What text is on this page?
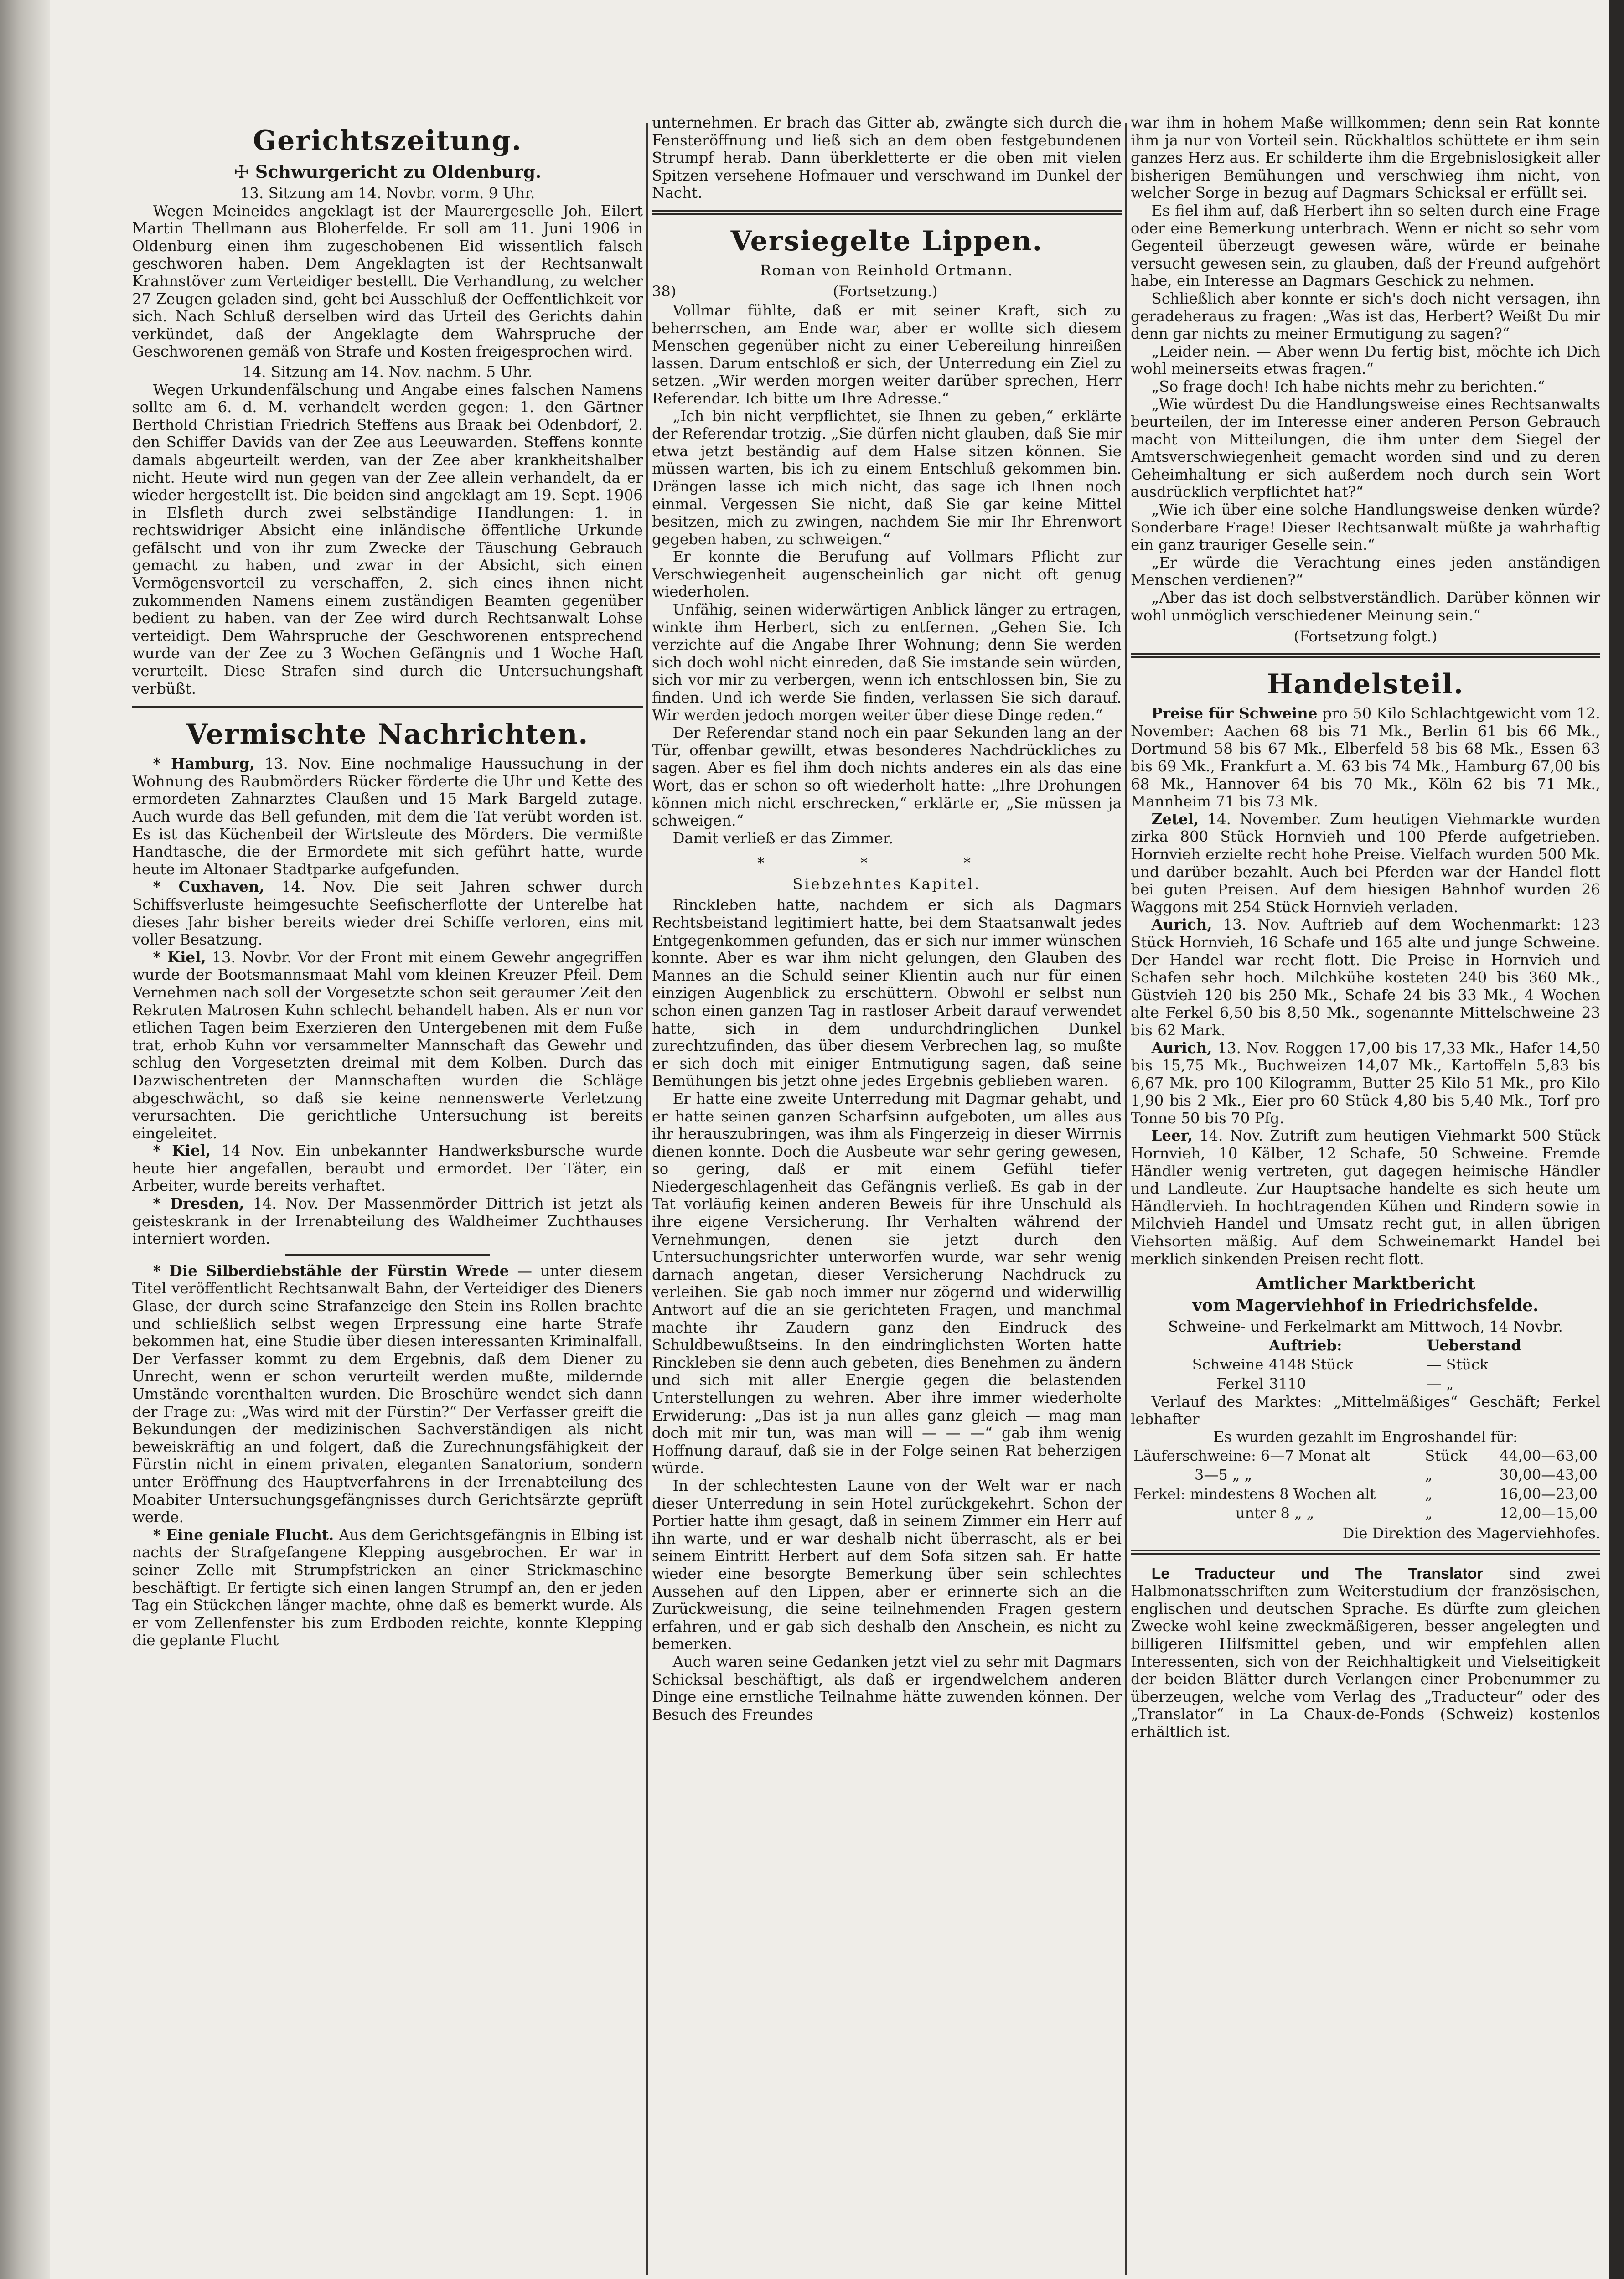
Gerichtszeitung.
☩ Schwurgericht zu Oldenburg.

13. Sitzung am 14. Novbr. vorm. 9 Uhr.

Wegen Meineides angeklagt ist der Maurergeselle Joh. Eilert Martin Thellmann aus Bloherfelde. Er soll am 11. Juni 1906 in Oldenburg einen ihm zugeschobenen Eid wissentlich falsch geschworen haben. Dem Angeklagten ist der Rechtsanwalt Krahnstöver zum Verteidiger bestellt. Die Verhandlung, zu welcher 27 Zeugen geladen sind, geht bei Ausschluß der Oeffentlichkeit vor sich. Nach Schluß derselben wird das Urteil des Gerichts dahin verkündet, daß der Angeklagte dem Wahrspruche der Geschworenen gemäß von Strafe und Kosten freigesprochen wird.

14. Sitzung am 14. Nov. nachm. 5 Uhr.

Wegen Urkundenfälschung und Angabe eines falschen Namens sollte am 6. d. M. verhandelt werden gegen: 1. den Gärtner Berthold Christian Friedrich Steffens aus Braak bei Odenbdorf, 2. den Schiffer Davids van der Zee aus Leeuwarden. Steffens konnte damals abgeurteilt werden, van der Zee aber krankheitshalber nicht. Heute wird nun gegen van der Zee allein verhandelt, da er wieder hergestellt ist. Die beiden sind angeklagt am 19. Sept. 1906 in Elsfleth durch zwei selbständige Handlungen: 1. in rechtswidriger Absicht eine inländische öffentliche Urkunde gefälscht und von ihr zum Zwecke der Täuschung Gebrauch gemacht zu haben, und zwar in der Absicht, sich einen Vermögensvorteil zu verschaffen, 2. sich eines ihnen nicht zukommenden Namens einem zuständigen Beamten gegenüber bedient zu haben. van der Zee wird durch Rechtsanwalt Lohse verteidigt. Dem Wahrspruche der Geschworenen entsprechend wurde van der Zee zu 3 Wochen Gefängnis und 1 Woche Haft verurteilt. Diese Strafen sind durch die Untersuchungshaft verbüßt.

Vermischte Nachrichten.

* Hamburg, 13. Nov. Eine nochmalige Haussuchung in der Wohnung des Raubmörders Rücker förderte die Uhr und Kette des ermordeten Zahnarztes Claußen und 15 Mark Bargeld zutage. Auch wurde das Bell gefunden, mit dem die Tat verübt worden ist. Es ist das Küchenbeil der Wirtsleute des Mörders. Die vermißte Handtasche, die der Ermordete mit sich geführt hatte, wurde heute im Altonaer Stadtparke aufgefunden.

* Cuxhaven, 14. Nov. Die seit Jahren schwer durch Schiffsverluste heimgesuchte Seefischerflotte der Unterelbe hat dieses Jahr bisher bereits wieder drei Schiffe verloren, eins mit voller Besatzung.

* Kiel, 13. Novbr. Vor der Front mit einem Gewehr angegriffen wurde der Bootsmannsmaat Mahl vom kleinen Kreuzer Pfeil. Dem Vernehmen nach soll der Vorgesetzte schon seit geraumer Zeit den Rekruten Matrosen Kuhn schlecht behandelt haben. Als er nun vor etlichen Tagen beim Exerzieren den Untergebenen mit dem Fuße trat, erhob Kuhn vor versammelter Mannschaft das Gewehr und schlug den Vorgesetzten dreimal mit dem Kolben. Durch das Dazwischentreten der Mannschaften wurden die Schläge abgeschwächt, so daß sie keine nennenswerte Verletzung verursachten. Die gerichtliche Untersuchung ist bereits eingeleitet.

* Kiel, 14 Nov. Ein unbekannter Handwerksbursche wurde heute hier angefallen, beraubt und ermordet. Der Täter, ein Arbeiter, wurde bereits verhaftet.

* Dresden, 14. Nov. Der Massenmörder Dittrich ist jetzt als geisteskrank in der Irrenabteilung des Waldheimer Zuchthauses interniert worden.

* Die Silberdiebstähle der Fürstin Wrede — unter diesem Titel veröffentlicht Rechtsanwalt Bahn, der Verteidiger des Dieners Glase, der durch seine Strafanzeige den Stein ins Rollen brachte und schließlich selbst wegen Erpressung eine harte Strafe bekommen hat, eine Studie über diesen interessanten Kriminalfall. Der Verfasser kommt zu dem Ergebnis, daß dem Diener zu Unrecht, wenn er schon verurteilt werden mußte, mildernde Umstände vorenthalten wurden. Die Broschüre wendet sich dann der Frage zu: „Was wird mit der Fürstin?“ Der Verfasser greift die Bekundungen der medizinischen Sachverständigen als nicht beweiskräftig an und folgert, daß die Zurechnungsfähigkeit der Fürstin nicht in einem privaten, eleganten Sanatorium, sondern unter Eröffnung des Hauptverfahrens in der Irrenabteilung des Moabiter Untersuchungsgefängnisses durch Gerichtsärzte geprüft werde.

* Eine geniale Flucht. Aus dem Gerichtsgefängnis in Elbing ist nachts der Strafgefangene Klepping ausgebrochen. Er war in seiner Zelle mit Strumpfstricken an einer Strickmaschine beschäftigt. Er fertigte sich einen langen Strumpf an, den er jeden Tag ein Stückchen länger machte, ohne daß es bemerkt wurde. Als er vom Zellenfenster bis zum Erdboden reichte, konnte Klepping die geplante Flucht

unternehmen. Er brach das Gitter ab, zwängte sich durch die Fensteröffnung und ließ sich an dem oben festgebundenen Strumpf herab. Dann überkletterte er die oben mit vielen Spitzen versehene Hofmauer und verschwand im Dunkel der Nacht.

Versiegelte Lippen.
Roman von Reinhold Ortmann.
38)	(Fortsetzung.)

Vollmar fühlte, daß er mit seiner Kraft, sich zu beherrschen, am Ende war, aber er wollte sich diesem Menschen gegenüber nicht zu einer Uebereilung hinreißen lassen. Darum entschloß er sich, der Unterredung ein Ziel zu setzen. „Wir werden morgen weiter darüber sprechen, Herr Referendar. Ich bitte um Ihre Adresse.“

„Ich bin nicht verpflichtet, sie Ihnen zu geben,“ erklärte der Referendar trotzig. „Sie dürfen nicht glauben, daß Sie mir etwa jetzt beständig auf dem Halse sitzen können. Sie müssen warten, bis ich zu einem Entschluß gekommen bin. Drängen lasse ich mich nicht, das sage ich Ihnen noch einmal. Vergessen Sie nicht, daß Sie gar keine Mittel besitzen, mich zu zwingen, nachdem Sie mir Ihr Ehrenwort gegeben haben, zu schweigen.“

Er konnte die Berufung auf Vollmars Pflicht zur Verschwiegenheit augenscheinlich gar nicht oft genug wiederholen.

Unfähig, seinen widerwärtigen Anblick länger zu ertragen, winkte ihm Herbert, sich zu entfernen. „Gehen Sie. Ich verzichte auf die Angabe Ihrer Wohnung; denn Sie werden sich doch wohl nicht einreden, daß Sie imstande sein würden, sich vor mir zu verbergen, wenn ich entschlossen bin, Sie zu finden. Und ich werde Sie finden, verlassen Sie sich darauf. Wir werden jedoch morgen weiter über diese Dinge reden.“

Der Referendar stand noch ein paar Sekunden lang an der Tür, offenbar gewillt, etwas besonderes Nachdrückliches zu sagen. Aber es fiel ihm doch nichts anderes ein als das eine Wort, das er schon so oft wiederholt hatte: „Ihre Drohungen können mich nicht erschrecken,“ erklärte er, „Sie müssen ja schweigen.“

Damit verließ er das Zimmer.

* * *
Siebzehntes Kapitel.

Rinckleben hatte, nachdem er sich als Dagmars Rechtsbeistand legitimiert hatte, bei dem Staatsanwalt jedes Entgegenkommen gefunden, das er sich nur immer wünschen konnte. Aber es war ihm nicht gelungen, den Glauben des Mannes an die Schuld seiner Klientin auch nur für einen einzigen Augenblick zu erschüttern. Obwohl er selbst nun schon einen ganzen Tag in rastloser Arbeit darauf verwendet hatte, sich in dem undurchdringlichen Dunkel zurechtzufinden, das über diesem Verbrechen lag, so mußte er sich doch mit einiger Entmutigung sagen, daß seine Bemühungen bis jetzt ohne jedes Ergebnis geblieben waren.

Er hatte eine zweite Unterredung mit Dagmar gehabt, und er hatte seinen ganzen Scharfsinn aufgeboten, um alles aus ihr herauszubringen, was ihm als Fingerzeig in dieser Wirrnis dienen konnte. Doch die Ausbeute war sehr gering gewesen, so gering, daß er mit einem Gefühl tiefer Niedergeschlagenheit das Gefängnis verließ. Es gab in der Tat vorläufig keinen anderen Beweis für ihre Unschuld als ihre eigene Versicherung. Ihr Verhalten während der Vernehmungen, denen sie jetzt durch den Untersuchungsrichter unterworfen wurde, war sehr wenig darnach angetan, dieser Versicherung Nachdruck zu verleihen. Sie gab noch immer nur zögernd und widerwillig Antwort auf die an sie gerichteten Fragen, und manchmal machte ihr Zaudern ganz den Eindruck des Schuldbewußtseins. In den eindringlichsten Worten hatte Rinckleben sie denn auch gebeten, dies Benehmen zu ändern und sich mit aller Energie gegen die belastenden Unterstellungen zu wehren. Aber ihre immer wiederholte Erwiderung: „Das ist ja nun alles ganz gleich — mag man doch mit mir tun, was man will — — —“ gab ihm wenig Hoffnung darauf, daß sie in der Folge seinen Rat beherzigen würde.

In der schlechtesten Laune von der Welt war er nach dieser Unterredung in sein Hotel zurückgekehrt. Schon der Portier hatte ihm gesagt, daß in seinem Zimmer ein Herr auf ihn warte, und er war deshalb nicht überrascht, als er bei seinem Eintritt Herbert auf dem Sofa sitzen sah. Er hatte wieder eine besorgte Bemerkung über sein schlechtes Aussehen auf den Lippen, aber er erinnerte sich an die Zurückweisung, die seine teilnehmenden Fragen gestern erfahren, und er gab sich deshalb den Anschein, es nicht zu bemerken.

Auch waren seine Gedanken jetzt viel zu sehr mit Dagmars Schicksal beschäftigt, als daß er irgendwelchem anderen Dinge eine ernstliche Teilnahme hätte zuwenden können. Der Besuch des Freundes

war ihm in hohem Maße willkommen; denn sein Rat konnte ihm ja nur von Vorteil sein. Rückhaltlos schüttete er ihm sein ganzes Herz aus. Er schilderte ihm die Ergebnislosigkeit aller bisherigen Bemühungen und verschwieg ihm nicht, von welcher Sorge in bezug auf Dagmars Schicksal er erfüllt sei.

Es fiel ihm auf, daß Herbert ihn so selten durch eine Frage oder eine Bemerkung unterbrach. Wenn er nicht so sehr vom Gegenteil überzeugt gewesen wäre, würde er beinahe versucht gewesen sein, zu glauben, daß der Freund aufgehört habe, ein Interesse an Dagmars Geschick zu nehmen.

Schließlich aber konnte er sich's doch nicht versagen, ihn geradeheraus zu fragen: „Was ist das, Herbert? Weißt Du mir denn gar nichts zu meiner Ermutigung zu sagen?“

„Leider nein. — Aber wenn Du fertig bist, möchte ich Dich wohl meinerseits etwas fragen.“

„So frage doch! Ich habe nichts mehr zu berichten.“

„Wie würdest Du die Handlungsweise eines Rechtsanwalts beurteilen, der im Interesse einer anderen Person Gebrauch macht von Mitteilungen, die ihm unter dem Siegel der Amtsverschwiegenheit gemacht worden sind und zu deren Geheimhaltung er sich außerdem noch durch sein Wort ausdrücklich verpflichtet hat?“

„Wie ich über eine solche Handlungsweise denken würde? Sonderbare Frage! Dieser Rechtsanwalt müßte ja wahrhaftig ein ganz trauriger Geselle sein.“

„Er würde die Verachtung eines jeden anständigen Menschen verdienen?“

„Aber das ist doch selbstverständlich. Darüber können wir wohl unmöglich verschiedener Meinung sein.“

(Fortsetzung folgt.)
Handelsteil.

Preise für Schweine pro 50 Kilo Schlachtgewicht vom 12. November: Aachen 68 bis 71 Mk., Berlin 61 bis 66 Mk., Dortmund 58 bis 67 Mk., Elberfeld 58 bis 68 Mk., Essen 63 bis 69 Mk., Frankfurt a. M. 63 bis 74 Mk., Hamburg 67,00 bis 68 Mk., Hannover 64 bis 70 Mk., Köln 62 bis 71 Mk., Mannheim 71 bis 73 Mk.

Zetel, 14. November. Zum heutigen Viehmarkte wurden zirka 800 Stück Hornvieh und 100 Pferde aufgetrieben. Hornvieh erzielte recht hohe Preise. Vielfach wurden 500 Mk. und darüber bezahlt. Auch bei Pferden war der Handel flott bei guten Preisen. Auf dem hiesigen Bahnhof wurden 26 Waggons mit 254 Stück Hornvieh verladen.

Aurich, 13. Nov. Auftrieb auf dem Wochenmarkt: 123 Stück Hornvieh, 16 Schafe und 165 alte und junge Schweine. Der Handel war recht flott. Die Preise in Hornvieh und Schafen sehr hoch. Milchkühe kosteten 240 bis 360 Mk., Güstvieh 120 bis 250 Mk., Schafe 24 bis 33 Mk., 4 Wochen alte Ferkel 6,50 bis 8,50 Mk., sogenannte Mittelschweine 23 bis 62 Mark.

Aurich, 13. Nov. Roggen 17,00 bis 17,33 Mk., Hafer 14,50 bis 15,75 Mk., Buchweizen 14,07 Mk., Kartoffeln 5,83 bis 6,67 Mk. pro 100 Kilogramm, Butter 25 Kilo 51 Mk., pro Kilo 1,90 bis 2 Mk., Eier pro 60 Stück 4,80 bis 5,40 Mk., Torf pro Tonne 50 bis 70 Pfg.

Leer, 14. Nov. Zutrift zum heutigen Viehmarkt 500 Stück Hornvieh, 10 Kälber, 12 Schafe, 50 Schweine. Fremde Händler wenig vertreten, gut dagegen heimische Händler und Landleute. Zur Hauptsache handelte es sich heute um Händlervieh. In hochtragenden Kühen und Rindern sowie in Milchvieh Handel und Umsatz recht gut, in allen übrigen Viehsorten mäßig. Auf dem Schweinemarkt Handel bei merklich sinkenden Preisen recht flott.

Amtlicher Marktbericht
vom Magerviehhof in Friedrichsfelde.

Schweine- und Ferkelmarkt am Mittwoch, 14 Novbr.

	Auftrieb:	Ueberstand
Schweine	4148 Stück	— Stück
Ferkel	3110	— „

Verlauf des Marktes: „Mittelmäßiges“ Geschäft; Ferkel lebhafter

Es wurden gezahlt im Engroshandel für:

Läuferschweine: 6—7 Monat alt	Stück	44,00—63,00
3—5 „ „	„	30,00—43,00
Ferkel: mindestens 8 Wochen alt	„	16,00—23,00
unter 8 „ „	„	12,00—15,00
Die Direktion des Magerviehhofes.

Le Traducteur und The Translator sind zwei Halbmonatsschriften zum Weiterstudium der französischen, englischen und deutschen Sprache. Es dürfte zum gleichen Zwecke wohl keine zweckmäßigeren, besser angelegten und billigeren Hilfsmittel geben, und wir empfehlen allen Interessenten, sich von der Reichhaltigkeit und Vielseitigkeit der beiden Blätter durch Verlangen einer Probenummer zu überzeugen, welche vom Verlag des „Traducteur“ oder des „Translator“ in La Chaux-de-Fonds (Schweiz) kostenlos erhältlich ist.
